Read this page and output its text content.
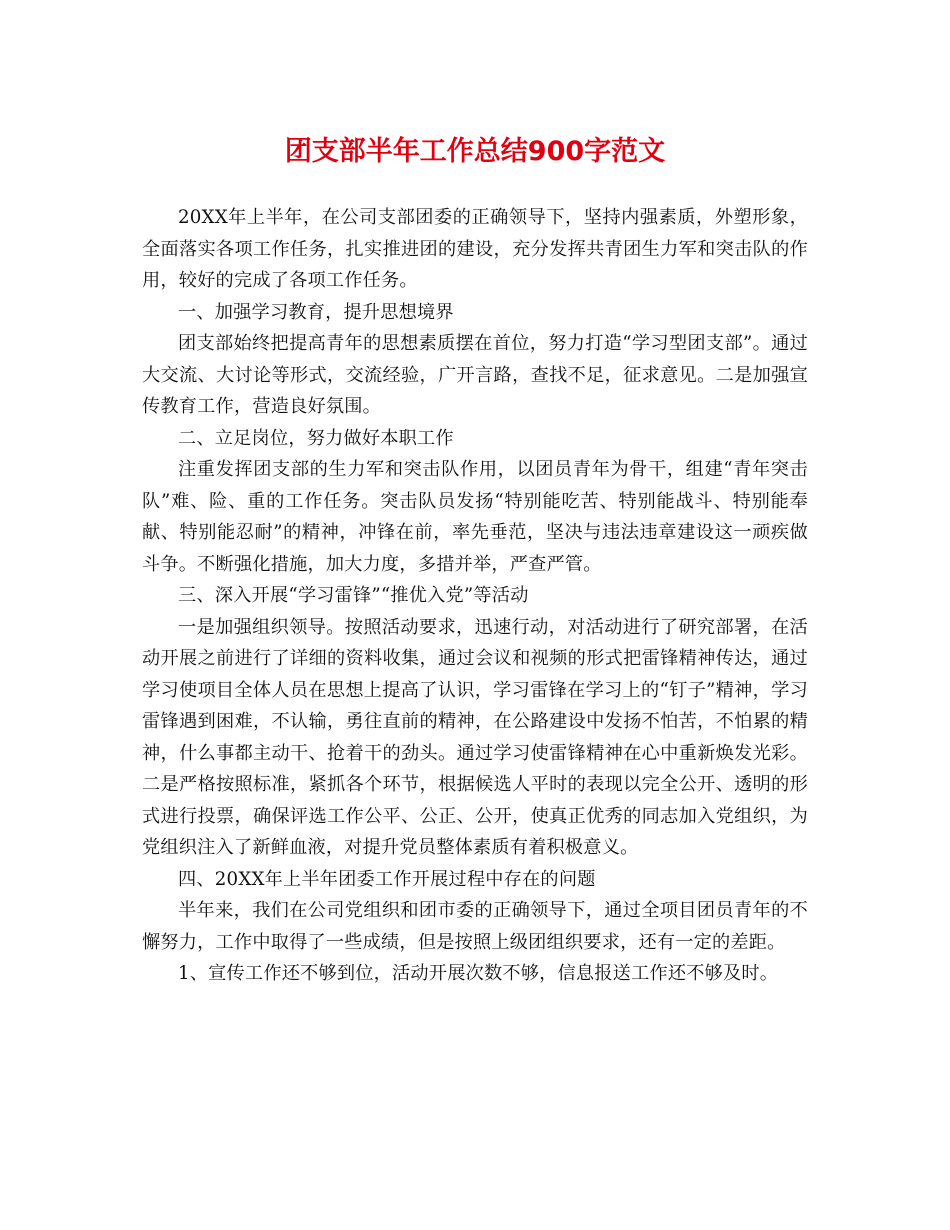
团支部半年工作总结900字范文

20XX年上半年，在公司支部团委的正确领导下，坚持内强素质，外塑形象，全面落实各项工作任务，扎实推进团的建设，充分发挥共青团生力军和突击队的作用，较好的完成了各项工作任务。

一、加强学习教育，提升思想境界

团支部始终把提高青年的思想素质摆在首位，努力打造“学习型团支部”。通过大交流、大讨论等形式，交流经验，广开言路，查找不足，征求意见。二是加强宣传教育工作，营造良好氛围。

二、立足岗位，努力做好本职工作

注重发挥团支部的生力军和突击队作用，以团员青年为骨干，组建“青年突击队”难、险、重的工作任务。突击队员发扬“特别能吃苦、特别能战斗、特别能奉献、特别能忍耐”的精神，冲锋在前，率先垂范，坚决与违法违章建设这一顽疾做斗争。不断强化措施，加大力度，多措并举，严查严管。

三、深入开展“学习雷锋”“推优入党”等活动

一是加强组织领导。按照活动要求，迅速行动，对活动进行了研究部署，在活动开展之前进行了详细的资料收集，通过会议和视频的形式把雷锋精神传达，通过学习使项目全体人员在思想上提高了认识，学习雷锋在学习上的“钉子”精神，学习雷锋遇到困难，不认输，勇往直前的精神，在公路建设中发扬不怕苦，不怕累的精神，什么事都主动干、抢着干的劲头。通过学习使雷锋精神在心中重新焕发光彩。二是严格按照标准，紧抓各个环节，根据候选人平时的表现以完全公开、透明的形式进行投票，确保评选工作公平、公正、公开，使真正优秀的同志加入党组织，为党组织注入了新鲜血液，对提升党员整体素质有着积极意义。

四、20XX年上半年团委工作开展过程中存在的问题

半年来，我们在公司党组织和团市委的正确领导下，通过全项目团员青年的不懈努力，工作中取得了一些成绩，但是按照上级团组织要求，还有一定的差距。

1、宣传工作还不够到位，活动开展次数不够，信息报送工作还不够及时。
